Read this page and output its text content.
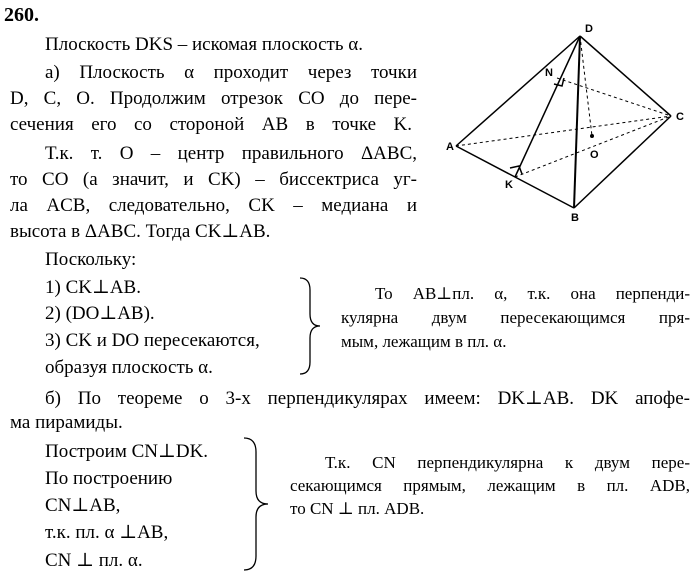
260.
Плоскость DKS – искомая плоскость α.
а) Плоскость α проходит через точки
D, C, O. Продолжим отрезок CO до пере-
сечения его со стороной AB в точке K.
Т.к. т. O – центр правильного ΔABC,
то CO (а значит, и CK) – биссектриса уг-
ла ACB, следовательно, CK – медиана и
высота в ΔABC. Тогда CK⊥AB.
Поскольку:
1) CK⊥AB.
2) (DO⊥AB).
3) CK и DO пересекаются,
образуя плоскость α.
То AB⊥пл. α, т.к. она перпенди-
кулярна двум пересекающимся пря-
мым, лежащим в пл. α.
б) По теореме о 3-х перпендикулярах имеем: DK⊥AB. DK апофе-
ма пирамиды.
Построим CN⊥DK.
По построению
CN⊥AB,
т.к. пл. α ⊥AB,
CN ⊥ пл. α.
Т.к. CN перпендикулярна к двум пере-
секающимся прямым, лежащим в пл. ADB,
то CN ⊥ пл. ADB.
D
N
C
A
O
K
B
